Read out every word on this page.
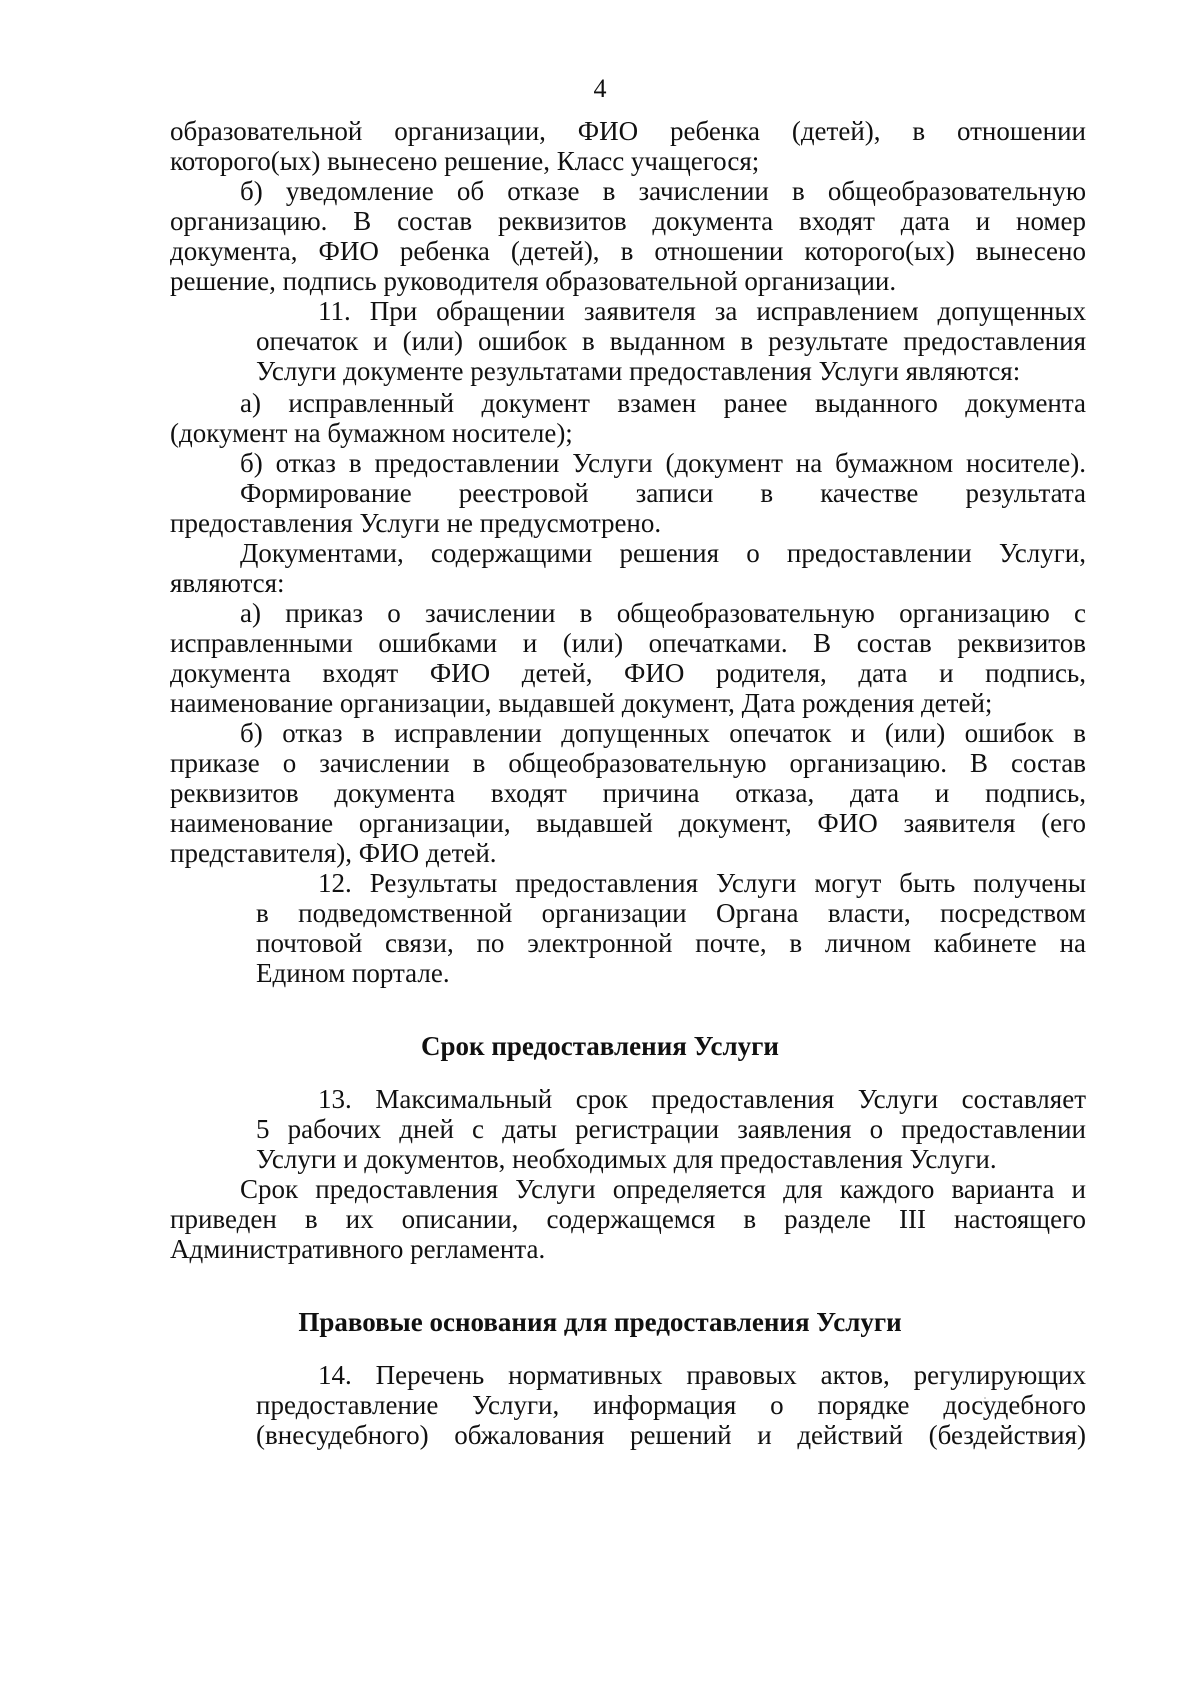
4
образовательной организации, ФИО ребенка (детей), в отношении
которого(ых) вынесено решение, Класс учащегося;
б) уведомление об отказе в зачислении в общеобразовательную
организацию. В состав реквизитов документа входят дата и номер
документа, ФИО ребенка (детей), в отношении которого(ых) вынесено
решение, подпись руководителя образовательной организации.
11. При обращении заявителя за исправлением допущенных
опечаток и (или) ошибок в выданном в результате предоставления
Услуги документе результатами предоставления Услуги являются:
а) исправленный документ взамен ранее выданного документа
(документ на бумажном носителе);
б) отказ в предоставлении Услуги (документ на бумажном носителе).
Формирование реестровой записи в качестве результата
предоставления Услуги не предусмотрено.
Документами, содержащими решения о предоставлении Услуги,
являются:
а) приказ о зачислении в общеобразовательную организацию с
исправленными ошибками и (или) опечатками. В состав реквизитов
документа входят ФИО детей, ФИО родителя, дата и подпись,
наименование организации, выдавшей документ, Дата рождения детей;
б) отказ в исправлении допущенных опечаток и (или) ошибок в
приказе о зачислении в общеобразовательную организацию. В состав
реквизитов документа входят причина отказа, дата и подпись,
наименование организации, выдавшей документ, ФИО заявителя (его
представителя), ФИО детей.
12. Результаты предоставления Услуги могут быть получены
в подведомственной организации Органа власти, посредством
почтовой связи, по электронной почте, в личном кабинете на
Едином портале.
Срок предоставления Услуги
13. Максимальный срок предоставления Услуги составляет
5 рабочих дней с даты регистрации заявления о предоставлении
Услуги и документов, необходимых для предоставления Услуги.
Срок предоставления Услуги определяется для каждого варианта и
приведен в их описании, содержащемся в разделе III настоящего
Административного регламента.
Правовые основания для предоставления Услуги
14. Перечень нормативных правовых актов, регулирующих
предоставление Услуги, информация о порядке досудебного
(внесудебного) обжалования решений и действий (бездействия)
